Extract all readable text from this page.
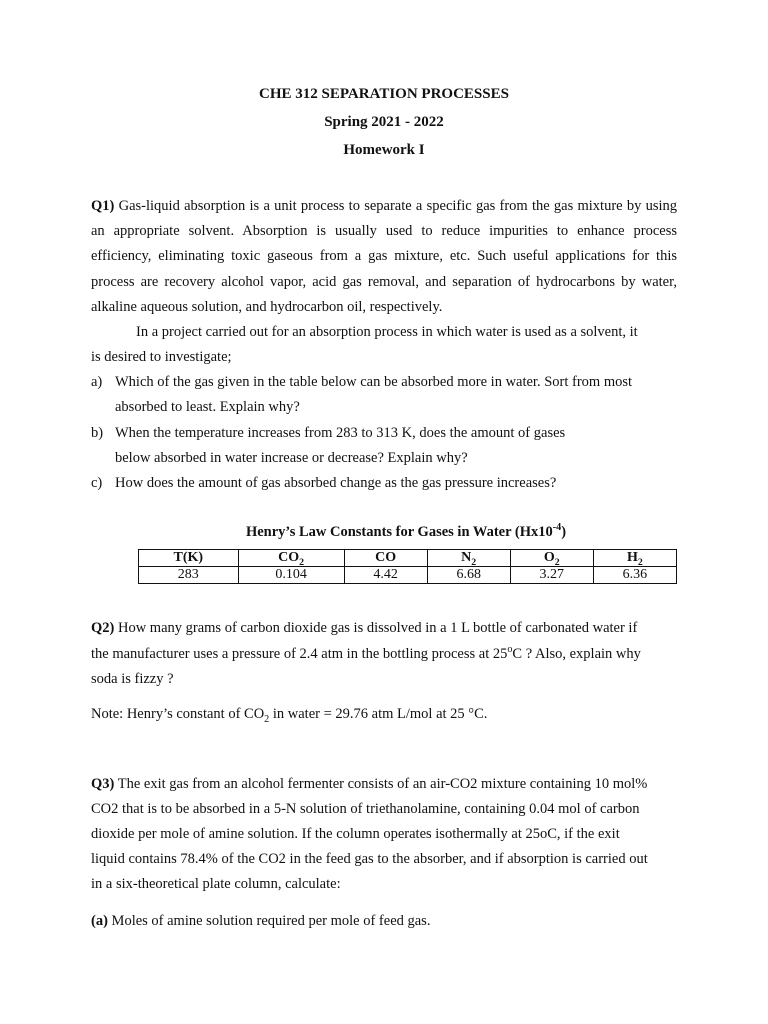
CHE 312 SEPARATION PROCESSES
Spring 2021 - 2022
Homework I
Q1) Gas-liquid absorption is a unit process to separate a specific gas from the gas mixture by using an appropriate solvent. Absorption is usually used to reduce impurities to enhance process efficiency, eliminating toxic gaseous from a gas mixture, etc. Such useful applications for this process are recovery alcohol vapor, acid gas removal, and separation of hydrocarbons by water, alkaline aqueous solution, and hydrocarbon oil, respectively.
In a project carried out for an absorption process in which water is used as a solvent, it
is desired to investigate;
a) Which of the gas given in the table below can be absorbed more in water. Sort from most
absorbed to least. Explain why?
b) When the temperature increases from 283 to 313 K, does the amount of gases
below absorbed in water increase or decrease? Explain why?
c) How does the amount of gas absorbed change as the gas pressure increases?
Henry’s Law Constants for Gases in Water $(Hx10^{-4})$
T(K)	$CO_2$	CO	$N_2$	$O_2$	$H_2$
283	0.104	4.42	6.68	3.27	6.36
Q2) How many grams of carbon dioxide gas is dissolved in a 1 L bottle of carbonated water if
the manufacturer uses a pressure of 2.4 atm in the bottling process at 25$^o$C ? Also, explain why
soda is fizzy ?
Note: Henry’s constant of $CO_2$ in water = 29.76 atm L/mol at 25 °C.
Q3) The exit gas from an alcohol fermenter consists of an air-CO2 mixture containing 10 mol%
CO2 that is to be absorbed in a 5-N solution of triethanolamine, containing 0.04 mol of carbon
dioxide per mole of amine solution. If the column operates isothermally at 25oC, if the exit
liquid contains 78.4% of the CO2 in the feed gas to the absorber, and if absorption is carried out
in a six-theoretical plate column, calculate:
(a) Moles of amine solution required per mole of feed gas.
